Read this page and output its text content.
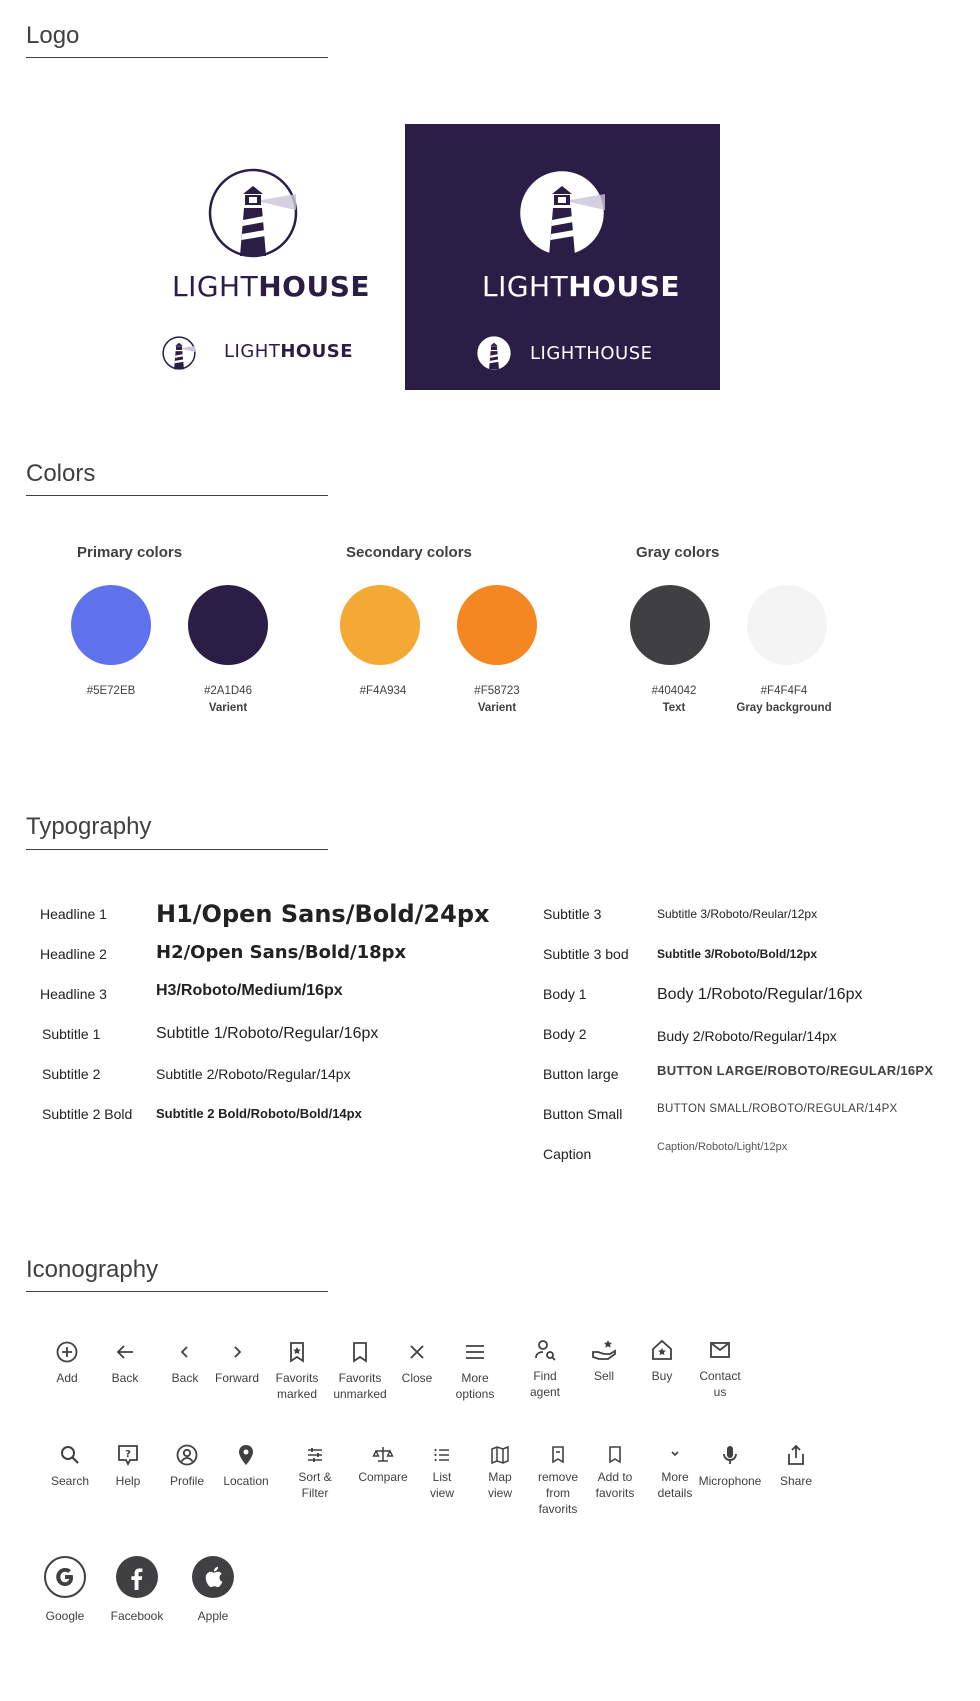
Logo
LIGHTHOUSE
LIGHTHOUSE
LIGHTHOUSE
LIGHTHOUSE
Colors
Primary colors	Secondary colors	Gray colors
#5E72EB	#2A1D46
Varient
#F4A934	#F58723
Varient
#404042
Text
#F4F4F4
Gray background
Typography
Headline 1 H1/Open Sans/Bold/24px
Headline 2	H2/Open Sans/Bold/18px
Headline 3	H3/Roboto/Medium/16px
Subtitle 1	Subtitle 1/Roboto/Regular/16px
Subtitle 2	Subtitle 2/Roboto/Regular/14px
Subtitle 2 Bold Subtitle 2 Bold/Roboto/Bold/14px
Subtitle 3	Subtitle 3/Roboto/Reular/12px
Subtitle 3 bod Subtitle 3/Roboto/Bold/12px
Body 1	Body 1/Roboto/Regular/16px
Body 2	Budy 2/Roboto/Regular/14px
Button large	BUTTON LARGE/ROBOTO/REGULAR/16PX
Button Small	BUTTON SMALL/ROBOTO/REGULAR/14PX
Caption	Caption/Roboto/Light/12px
Iconography
Add	Back	Back	Forward	Favorits marked
Favorits unmarked
Close	More options
Find agent
Sell	Buy	Contact us
Search
?
Help	Profile	Location	Sort & Filter
Compare	List view
Map view
remove from favorits
Add to favorits
More details
Microphone	Share
Google	Facebook	Apple
